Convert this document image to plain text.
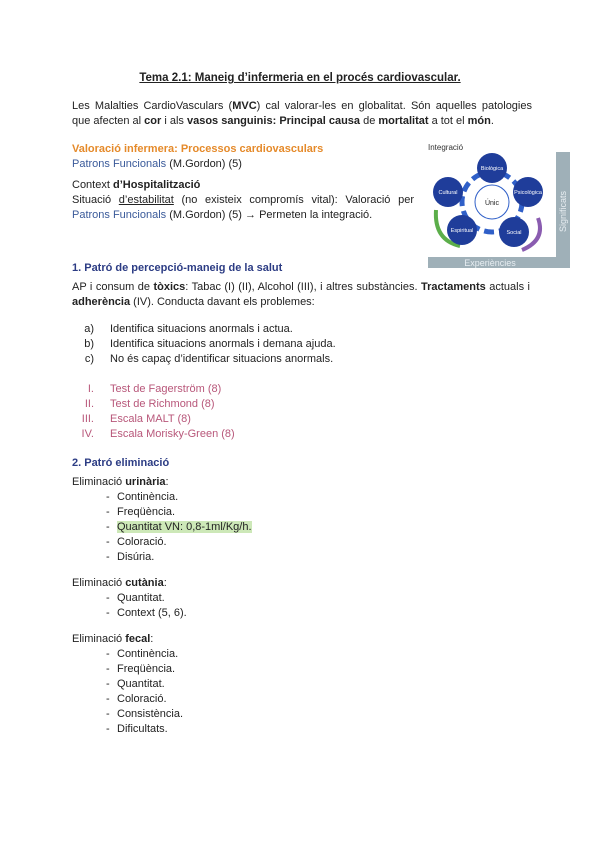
Tema 2.1: Maneig d’infermeria en el procés cardiovascular.
Les Malalties CardioVasculars (MVC) cal valorar-les en globalitat. Són aquelles patologies que afecten al cor i als vasos sanguinis: Principal causa de mortalitat a tot el món.
Valoració infermera: Processos cardiovasculars
Patrons Funcionals (M.Gordon) (5)
Context d’Hospitalització
Situació d’estabilitat (no existeix compromís vital): Valoració per Patrons Funcionals (M.Gordon) (5) → Permeten la integració.
Integració
Significats
Experiències
Únic
Biològica
Psicològica
Social
Espiritual
Cultural
1. Patró de percepció-maneig de la salut
AP i consum de tòxics: Tabac (I) (II), Alcohol (III), i altres substàncies. Tractaments actuals i adherència (IV). Conducta davant els problemes:
a) Identifica situacions anormals i actua.
b) Identifica situacions anormals i demana ajuda.
c) No és capaç d’identificar situacions anormals.
I. Test de Fagerström (8)
II. Test de Richmond (8)
III. Escala MALT (8)
IV. Escala Morisky-Green (8)
2. Patró eliminació
Eliminació urinària:
- Continència.
- Freqüència.
- Quantitat VN: 0,8-1ml/Kg/h.
- Coloració.
- Disúria.
Eliminació cutània:
- Quantitat.
- Context (5, 6).
Eliminació fecal:
- Continència.
- Freqüència.
- Quantitat.
- Coloració.
- Consistència.
- Dificultats.
